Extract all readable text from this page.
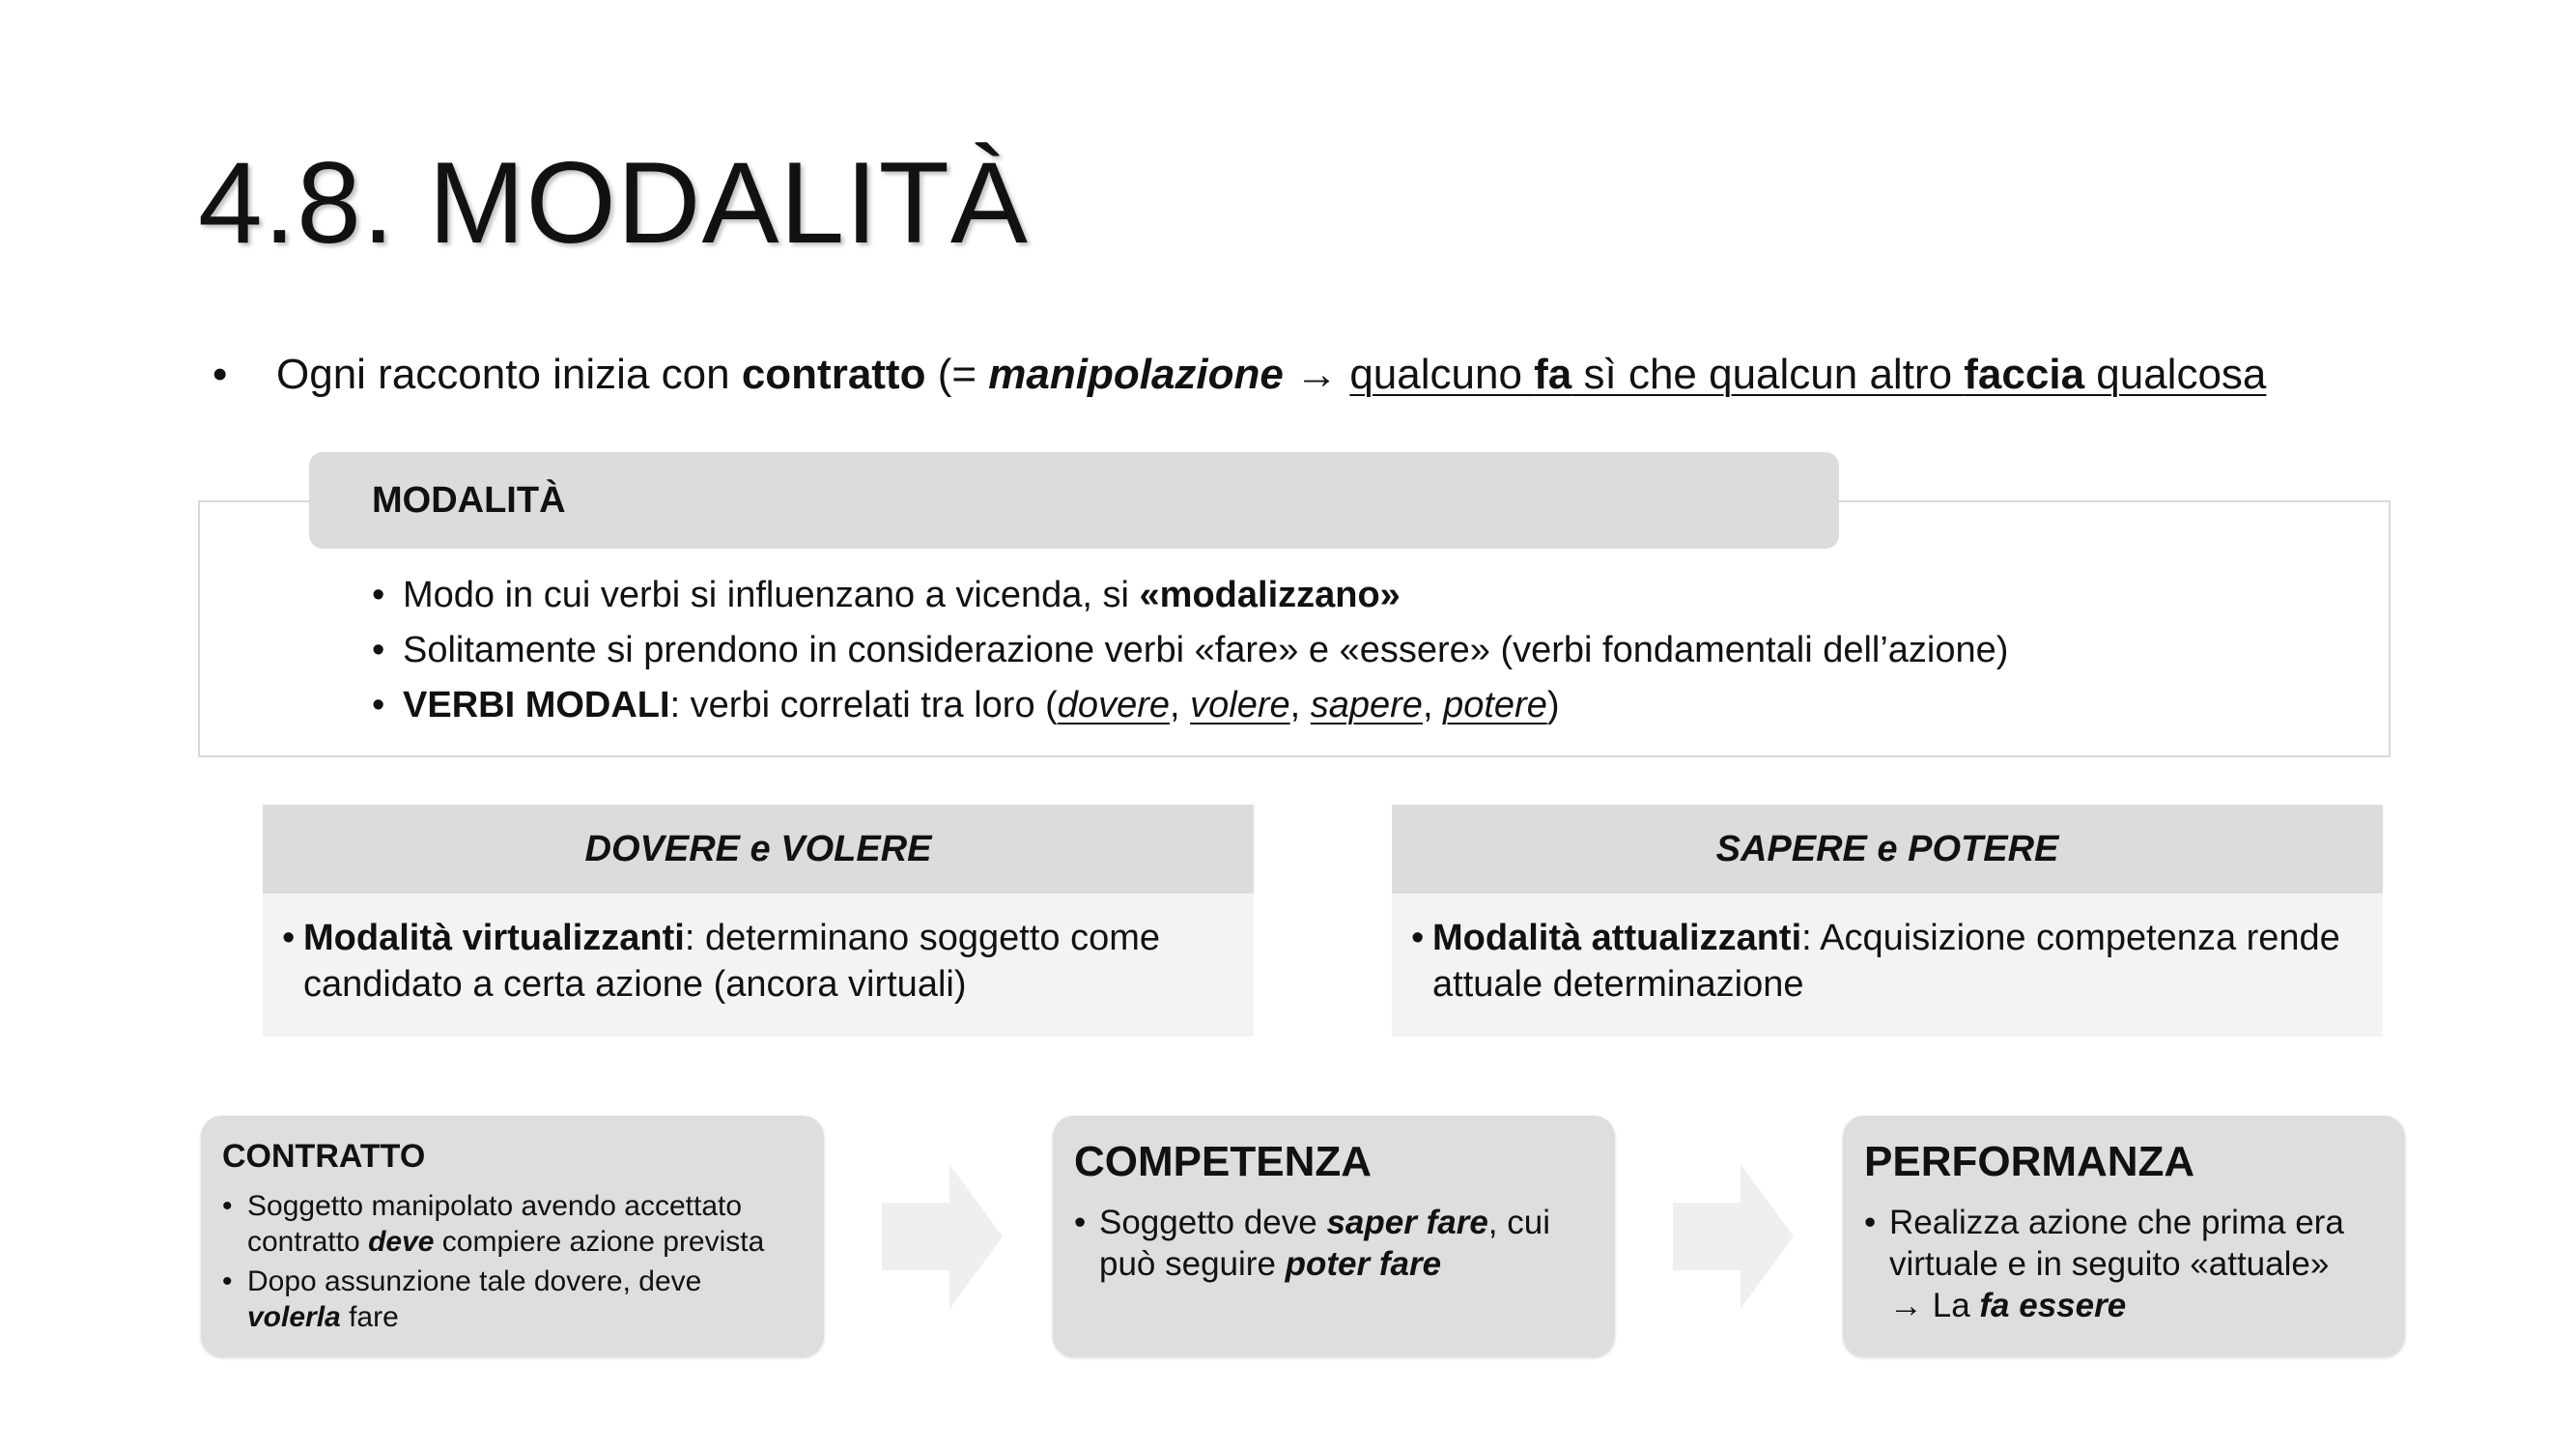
4.8. MODALITÀ
• Ogni racconto inizia con contratto (= manipolazione → qualcuno fa sì che qualcun altro faccia qualcosa
MODALITÀ
• Modo in cui verbi si influenzano a vicenda, si «modalizzano»
• Solitamente si prendono in considerazione verbi «fare» e «essere» (verbi fondamentali dell’azione)
• VERBI MODALI: verbi correlati tra loro (dovere, volere, sapere, potere)
DOVERE e VOLERE
• Modalità virtualizzanti: determinano soggetto come candidato a certa azione (ancora virtuali)
SAPERE e POTERE
• Modalità attualizzanti: Acquisizione competenza rende attuale determinazione
CONTRATTO
• Soggetto manipolato avendo accettato contratto deve compiere azione prevista
• Dopo assunzione tale dovere, deve volerla fare
COMPETENZA
• Soggetto deve saper fare, cui può seguire poter fare
PERFORMANZA
• Realizza azione che prima era virtuale e in seguito «attuale»
→ La fa essere
